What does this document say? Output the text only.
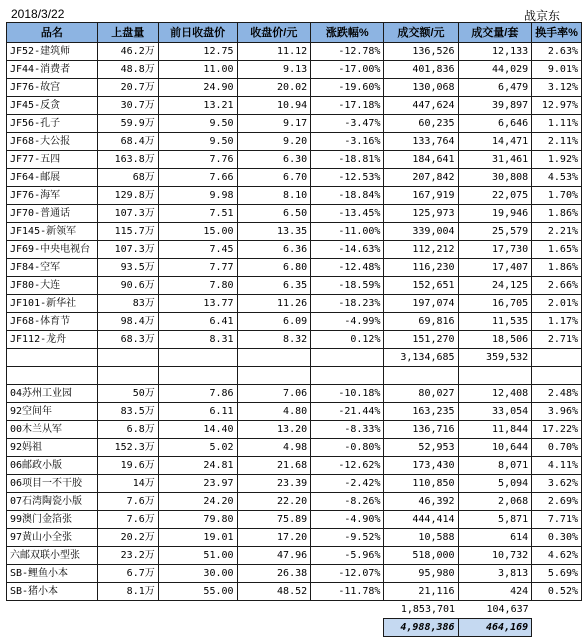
2018/3/22	战京东
品名	上盘量	前日收盘价	收盘价/元	涨跌幅%	成交额/元	成交量/套	换手率%
JF52-建筑师	46.2万	12.75	11.12	-12.78%	136,526	12,133	2.63%
JF44-消费者	48.8万	11.00	9.13	-17.00%	401,836	44,029	9.01%
JF76-故宫	20.7万	24.90	20.02	-19.60%	130,068	6,479	3.12%
JF45-反贪	30.7万	13.21	10.94	-17.18%	447,624	39,897	12.97%
JF56-孔子	59.9万	9.50	9.17	-3.47%	60,235	6,646	1.11%
JF68-大公报	68.4万	9.50	9.20	-3.16%	133,764	14,471	2.11%
JF77-五四	163.8万	7.76	6.30	-18.81%	184,641	31,461	1.92%
JF64-邮展	68万	7.66	6.70	-12.53%	207,842	30,808	4.53%
JF76-海军	129.8万	9.98	8.10	-18.84%	167,919	22,075	1.70%
JF70-普通话	107.3万	7.51	6.50	-13.45%	125,973	19,946	1.86%
JF145-新领军	115.7万	15.00	13.35	-11.00%	339,004	25,579	2.21%
JF69-中央电视台	107.3万	7.45	6.36	-14.63%	112,212	17,730	1.65%
JF84-空军	93.5万	7.77	6.80	-12.48%	116,230	17,407	1.86%
JF80-大连	90.6万	7.80	6.35	-18.59%	152,651	24,125	2.66%
JF101-新华社	83万	13.77	11.26	-18.23%	197,074	16,705	2.01%
JF68-体育节	98.4万	6.41	6.09	-4.99%	69,816	11,535	1.17%
JF112-龙舟	68.3万	8.31	8.32	0.12%	151,270	18,506	2.71%
					3,134,685	359,532	

04苏州工业园	50万	7.86	7.06	-10.18%	80,027	12,408	2.48%
92空间年	83.5万	6.11	4.80	-21.44%	163,235	33,054	3.96%
00木兰从军	6.8万	14.40	13.20	-8.33%	136,716	11,844	17.22%
92妈祖	152.3万	5.02	4.98	-0.80%	52,953	10,644	0.70%
06邮政小版	19.6万	24.81	21.68	-12.62%	173,430	8,071	4.11%
06项目一不干胶	14万	23.97	23.39	-2.42%	110,850	5,094	3.62%
07石湾陶瓷小版	7.6万	24.20	22.20	-8.26%	46,392	2,068	2.69%
99澳门金箔张	7.6万	79.80	75.89	-4.90%	444,414	5,871	7.71%
97黄山小全张	20.2万	19.01	17.20	-9.52%	10,588	614	0.30%
六邮双联小型张	23.2万	51.00	47.96	-5.96%	518,000	10,732	4.62%
SB-鲤鱼小本	6.7万	30.00	26.38	-12.07%	95,980	3,813	5.69%
SB-猪小本	8.1万	55.00	48.52	-11.78%	21,116	424	0.52%
					1,853,701	104,637	
					4,988,386	464,169	
